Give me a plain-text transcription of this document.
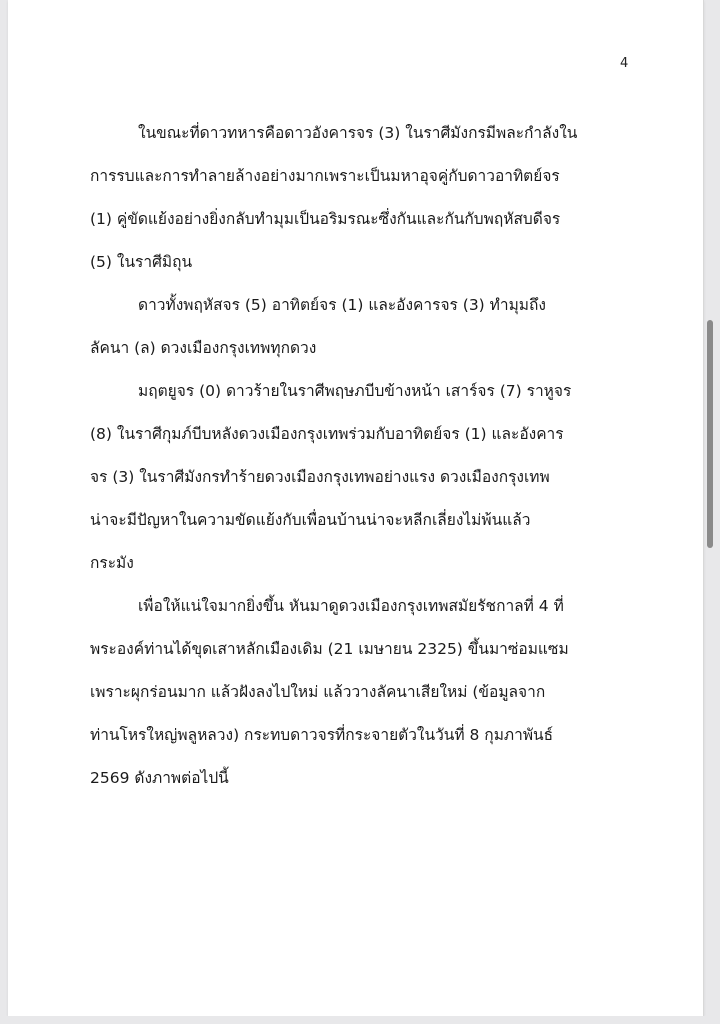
4
ในขณะที่ดาวทหารคือดาวอังคารจร (3) ในราศีมังกรมีพละกำลังใน
การรบและการทำลายล้างอย่างมากเพราะเป็นมหาอุจคู่กับดาวอาทิตย์จร
(1) คู่ขัดแย้งอย่างยิ่งกลับทำมุมเป็นอริมรณะซึ่งกันและกันกับพฤหัสบดีจร
(5) ในราศีมิถุน
ดาวทั้งพฤหัสจร (5) อาทิตย์จร (1) และอังคารจร (3) ทำมุมถึง
ลัคนา (ล) ดวงเมืองกรุงเทพทุกดวง
มฤตยูจร (0) ดาวร้ายในราศีพฤษภบีบข้างหน้า เสาร์จร (7) ราหูจร
(8) ในราศีกุมภ์บีบหลังดวงเมืองกรุงเทพร่วมกับอาทิตย์จร (1) และอังคาร
จร (3) ในราศีมังกรทำร้ายดวงเมืองกรุงเทพอย่างแรง ดวงเมืองกรุงเทพ
น่าจะมีปัญหาในความขัดแย้งกับเพื่อนบ้านน่าจะหลีกเลี่ยงไม่พ้นแล้ว
กระมัง
เพื่อให้แน่ใจมากยิ่งขึ้น หันมาดูดวงเมืองกรุงเทพสมัยรัชกาลที่ 4 ที่
พระองค์ท่านได้ขุดเสาหลักเมืองเดิม (21 เมษายน 2325) ขึ้นมาซ่อมแซม
เพราะผุกร่อนมาก แล้วฝังลงไปใหม่ แล้ววางลัคนาเสียใหม่ (ข้อมูลจาก
ท่านโหรใหญ่พลูหลวง) กระทบดาวจรที่กระจายตัวในวันที่ 8 กุมภาพันธ์
2569 ดังภาพต่อไปนี้
